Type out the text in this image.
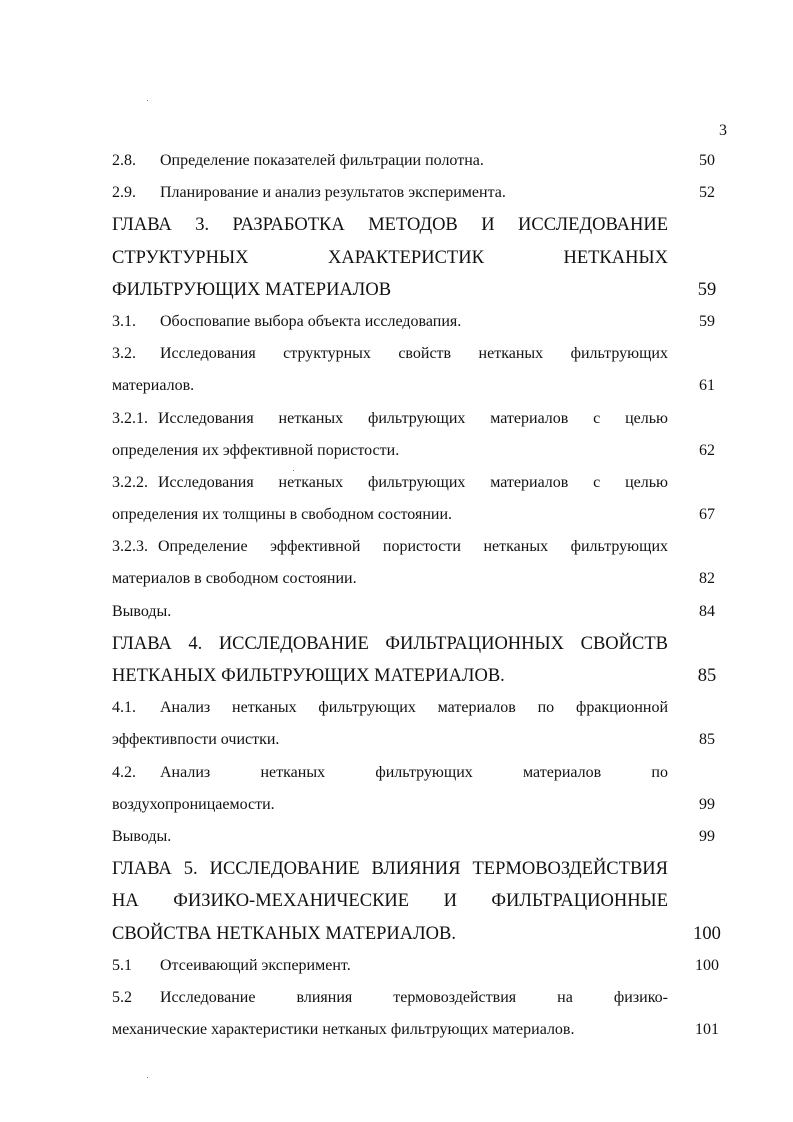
3
2.8. Определение показателей фильтрации полотна.	50
2.9. Планирование и анализ результатов эксперимента.	52
ГЛАВА 3. РАЗРАБОТКА МЕТОДОВ И ИССЛЕДОВАНИЕ
СТРУКТУРНЫХ ХАРАКТЕРИСТИК НЕТКАНЫХ
ФИЛЬТРУЮЩИХ МАТЕРИАЛОВ	59
3.1. Обосповапие выбора объекта исследовапия.	59
3.2.	Исследования структурных свойств нетканых фильтрующих
материалов.	61
3.2.1. Исследования нетканых фильтрующих материалов с целью
определения их эффективной пористости.	62
3.2.2. Исследования нетканых фильтрующих материалов с целью
определения их толщины в свободном состоянии.	67
3.2.3. Определение эффективной пористости нетканых фильтрующих
материалов в свободном состоянии.	82
Выводы.	84
ГЛАВА 4. ИССЛЕДОВАНИЕ ФИЛЬТРАЦИОННЫХ СВОЙСТВ
НЕТКАНЫХ ФИЛЬТРУЮЩИХ МАТЕРИАЛОВ.	85
4.1.	Анализ нетканых фильтрующих материалов по фракционной
эффективпости очистки.	85
4.2.	Анализ нетканых фильтрующих материалов по
воздухопроницаемости.	99
Выводы.	99
ГЛАВА 5. ИССЛЕДОВАНИЕ ВЛИЯНИЯ ТЕРМОВОЗДЕЙСТВИЯ
НА ФИЗИКО-МЕХАНИЧЕСКИЕ И ФИЛЬТРАЦИОННЫЕ
СВОЙСТВА НЕТКАНЫХ МАТЕРИАЛОВ.	100
5.1 Отсеивающий эксперимент.	100
5.2	Исследование влияния термовоздействия на физико-
механические характеристики нетканых фильтрующих материалов.	101
